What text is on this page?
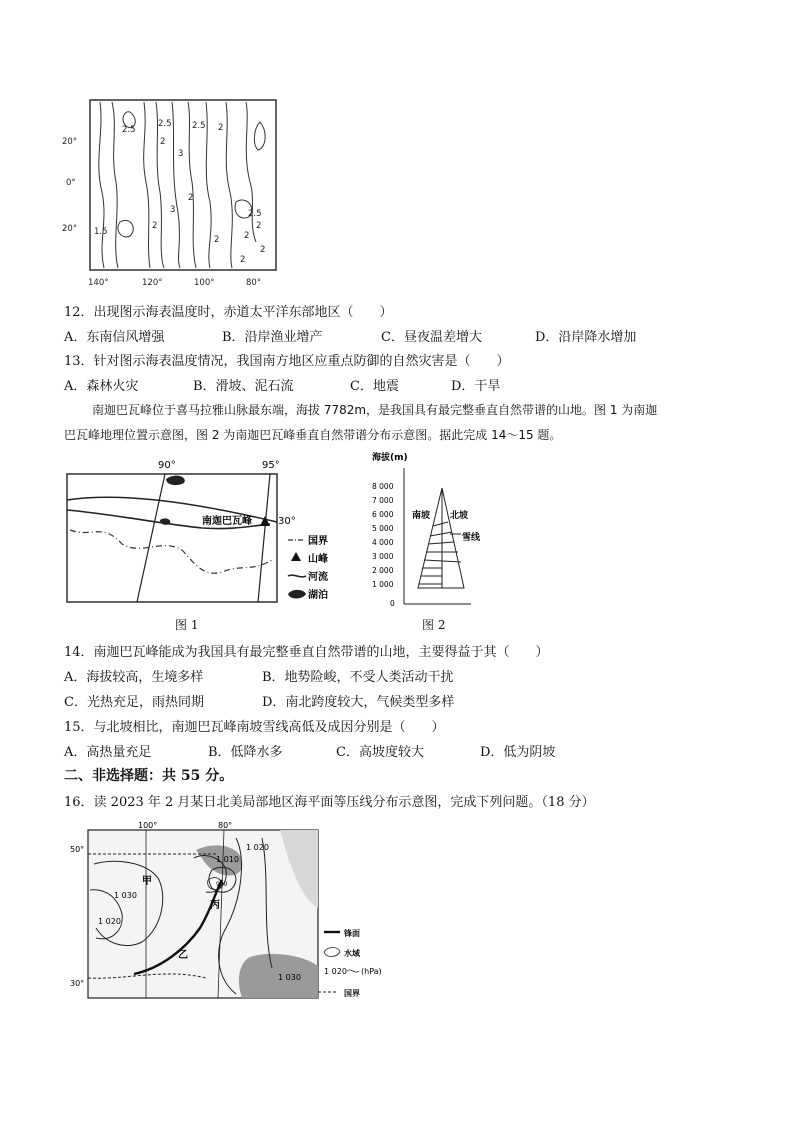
20°
0°
20°
140°	120°	100°	80°
2.5
2.5 2.5
3
2
2
2
1.5
2
2.5
2
2
2
2
3
2
12．出现图示海表温度时，赤道太平洋东部地区（　　）
A．东南信风增强	B．沿岸渔业增产	C．昼夜温差增大	D．沿岸降水增加
13．针对图示海表温度情况，我国南方地区应重点防御的自然灾害是（　　）
A．森林火灾	B．滑坡、泥石流	C．地震	D．干旱
南迦巴瓦峰位于喜马拉雅山脉最东端，海拔 7782m，是我国具有最完整垂直自然带谱的山地。图 1 为南迦
巴瓦峰地理位置示意图，图 2 为南迦巴瓦峰垂直自然带谱分布示意图。据此完成 14～15 题。
90°	95°
30°
南迦巴瓦峰
国界
山峰
河流
湖泊
图 1
海拔(m)
8 000
7 000
6 000
5 000
4 000
3 000
2 000
1 000
0
南坡 北坡
雪线
图 2
14．南迦巴瓦峰能成为我国具有最完整垂直自然带谱的山地，主要得益于其（　　）
A．海拔较高，生境多样	B．地势险峻，不受人类活动干扰
C．光热充足，雨热同期	D．南北跨度较大，气候类型多样
15．与北坡相比，南迦巴瓦峰南坡雪线高低及成因分别是（　　）
A．高热量充足	B．低降水多	C．高坡度较大	D．低为阴坡
二、非选择题：共 55 分。
16．读 2023 年 2 月某日北美局部地区海平面等压线分布示意图，完成下列问题。（18 分）
100°	80°
50°
30°
1 010
1 020
1 030
1 020
990
1 030
甲
丙
乙
锋面
水域
1 020 (hPa)
国界
